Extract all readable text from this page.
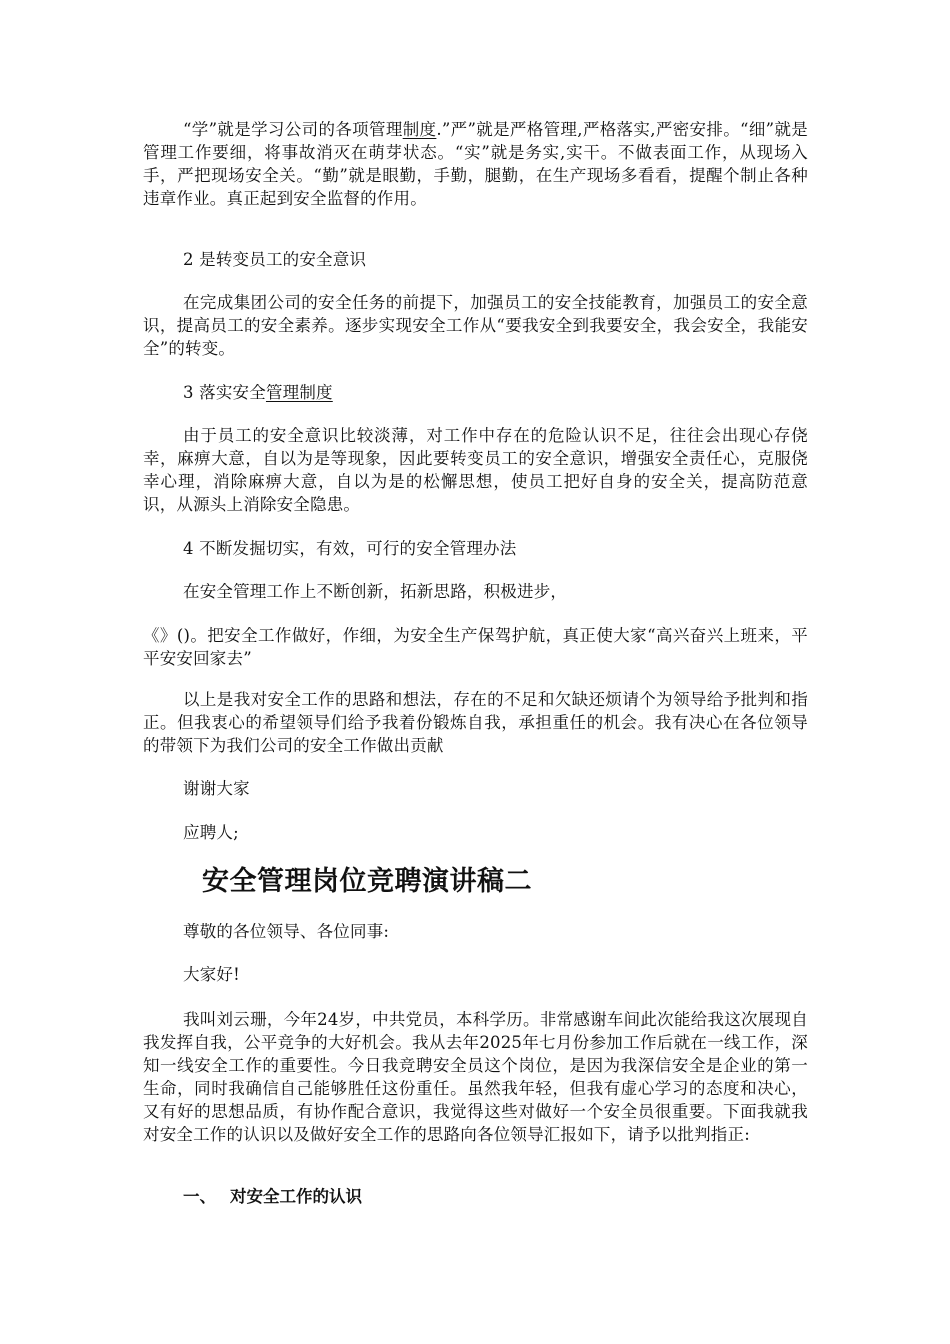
“学”就是学习公司的各项管理制度.”严”就是严格管理,严格落实,严密安排。“细”就是管理工作要细，将事故消灭在萌芽状态。“实”就是务实,实干。不做表面工作，从现场入手，严把现场安全关。“勤”就是眼勤，手勤，腿勤，在生产现场多看看，提醒个制止各种违章作业。真正起到安全监督的作用。

2 是转变员工的安全意识

在完成集团公司的安全任务的前提下，加强员工的安全技能教育，加强员工的安全意识，提高员工的安全素养。逐步实现安全工作从“要我安全到我要安全，我会安全，我能安全”的转变。

3 落实安全管理制度

由于员工的安全意识比较淡薄，对工作中存在的危险认识不足，往往会出现心存侥幸，麻痹大意，自以为是等现象，因此要转变员工的安全意识，增强安全责任心，克服侥幸心理，消除麻痹大意，自以为是的松懈思想，使员工把好自身的安全关，提高防范意识，从源头上消除安全隐患。

4 不断发掘切实，有效，可行的安全管理办法

在安全管理工作上不断创新，拓新思路，积极进步，

《》()。把安全工作做好，作细，为安全生产保驾护航，真正使大家“高兴奋兴上班来，平平安安回家去”

以上是我对安全工作的思路和想法，存在的不足和欠缺还烦请个为领导给予批判和指正。但我衷心的希望领导们给予我着份锻炼自我，承担重任的机会。我有决心在各位领导的带领下为我们公司的安全工作做出贡献

谢谢大家

应聘人;

安全管理岗位竞聘演讲稿二

尊敬的各位领导、各位同事:

大家好!

我叫刘云珊，今年24岁，中共党员，本科学历。非常感谢车间此次能给我这次展现自我发挥自我，公平竞争的大好机会。我从去年2025年七月份参加工作后就在一线工作，深知一线安全工作的重要性。今日我竞聘安全员这个岗位，是因为我深信安全是企业的第一生命，同时我确信自己能够胜任这份重任。虽然我年轻，但我有虚心学习的态度和决心，又有好的思想品质，有协作配合意识，我觉得这些对做好一个安全员很重要。下面我就我对安全工作的认识以及做好安全工作的思路向各位领导汇报如下，请予以批判指正:

一、 对安全工作的认识
